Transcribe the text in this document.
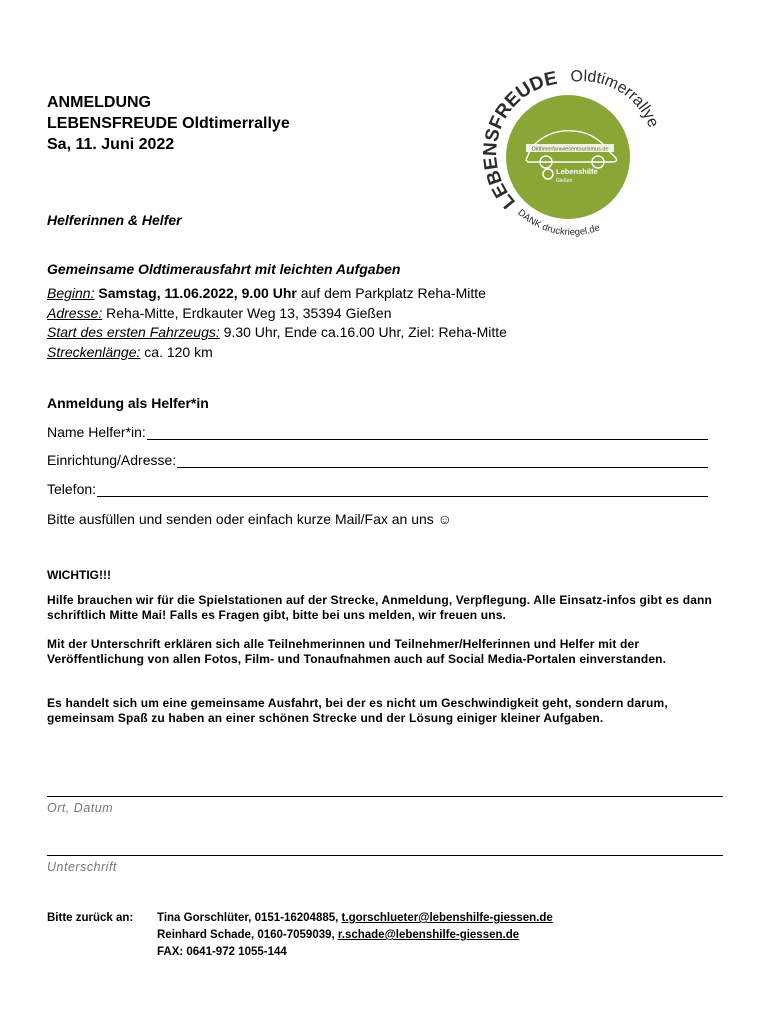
ANMELDUNG
LEBENSFREUDE Oldtimerrallye
Sa, 11. Juni 2022
LEBENSFREUDE Oldtimerrallye
DANK druckriegel.de
Oldtimerfanwiesentourismus.de
Lebenshilfe
Gießen
Helferinnen & Helfer
Gemeinsame Oldtimerausfahrt mit leichten Aufgaben
Beginn: Samstag, 11.06.2022, 9.00 Uhr auf dem Parkplatz Reha-Mitte
Adresse: Reha-Mitte, Erdkauter Weg 13, 35394 Gießen
Start des ersten Fahrzeugs: 9.30 Uhr, Ende ca.16.00 Uhr, Ziel: Reha-Mitte
Streckenlänge: ca. 120 km
Anmeldung als Helfer*in
Name Helfer*in:
Einrichtung/Adresse:
Telefon:
Bitte ausfüllen und senden oder einfach kurze Mail/Fax an uns ☺
WICHTIG!!!
Hilfe brauchen wir für die Spielstationen auf der Strecke, Anmeldung, Verpflegung. Alle Einsatz-infos gibt es dann schriftlich Mitte Mai! Falls es Fragen gibt, bitte bei uns melden, wir freuen uns.
Mit der Unterschrift erklären sich alle Teilnehmerinnen und Teilnehmer/Helferinnen und Helfer mit der Veröffentlichung von allen Fotos, Film- und Tonaufnahmen auch auf Social Media-Portalen einverstanden.
Es handelt sich um eine gemeinsame Ausfahrt, bei der es nicht um Geschwindigkeit geht, sondern darum, gemeinsam Spaß zu haben an einer schönen Strecke und der Lösung einiger kleiner Aufgaben.
Ort, Datum
Unterschrift
Bitte zurück an: Tina Gorschlüter, 0151-16204885, t.gorschlueter@lebenshilfe-giessen.de
Reinhard Schade, 0160-7059039, r.schade@lebenshilfe-giessen.de
FAX: 0641-972 1055-144
